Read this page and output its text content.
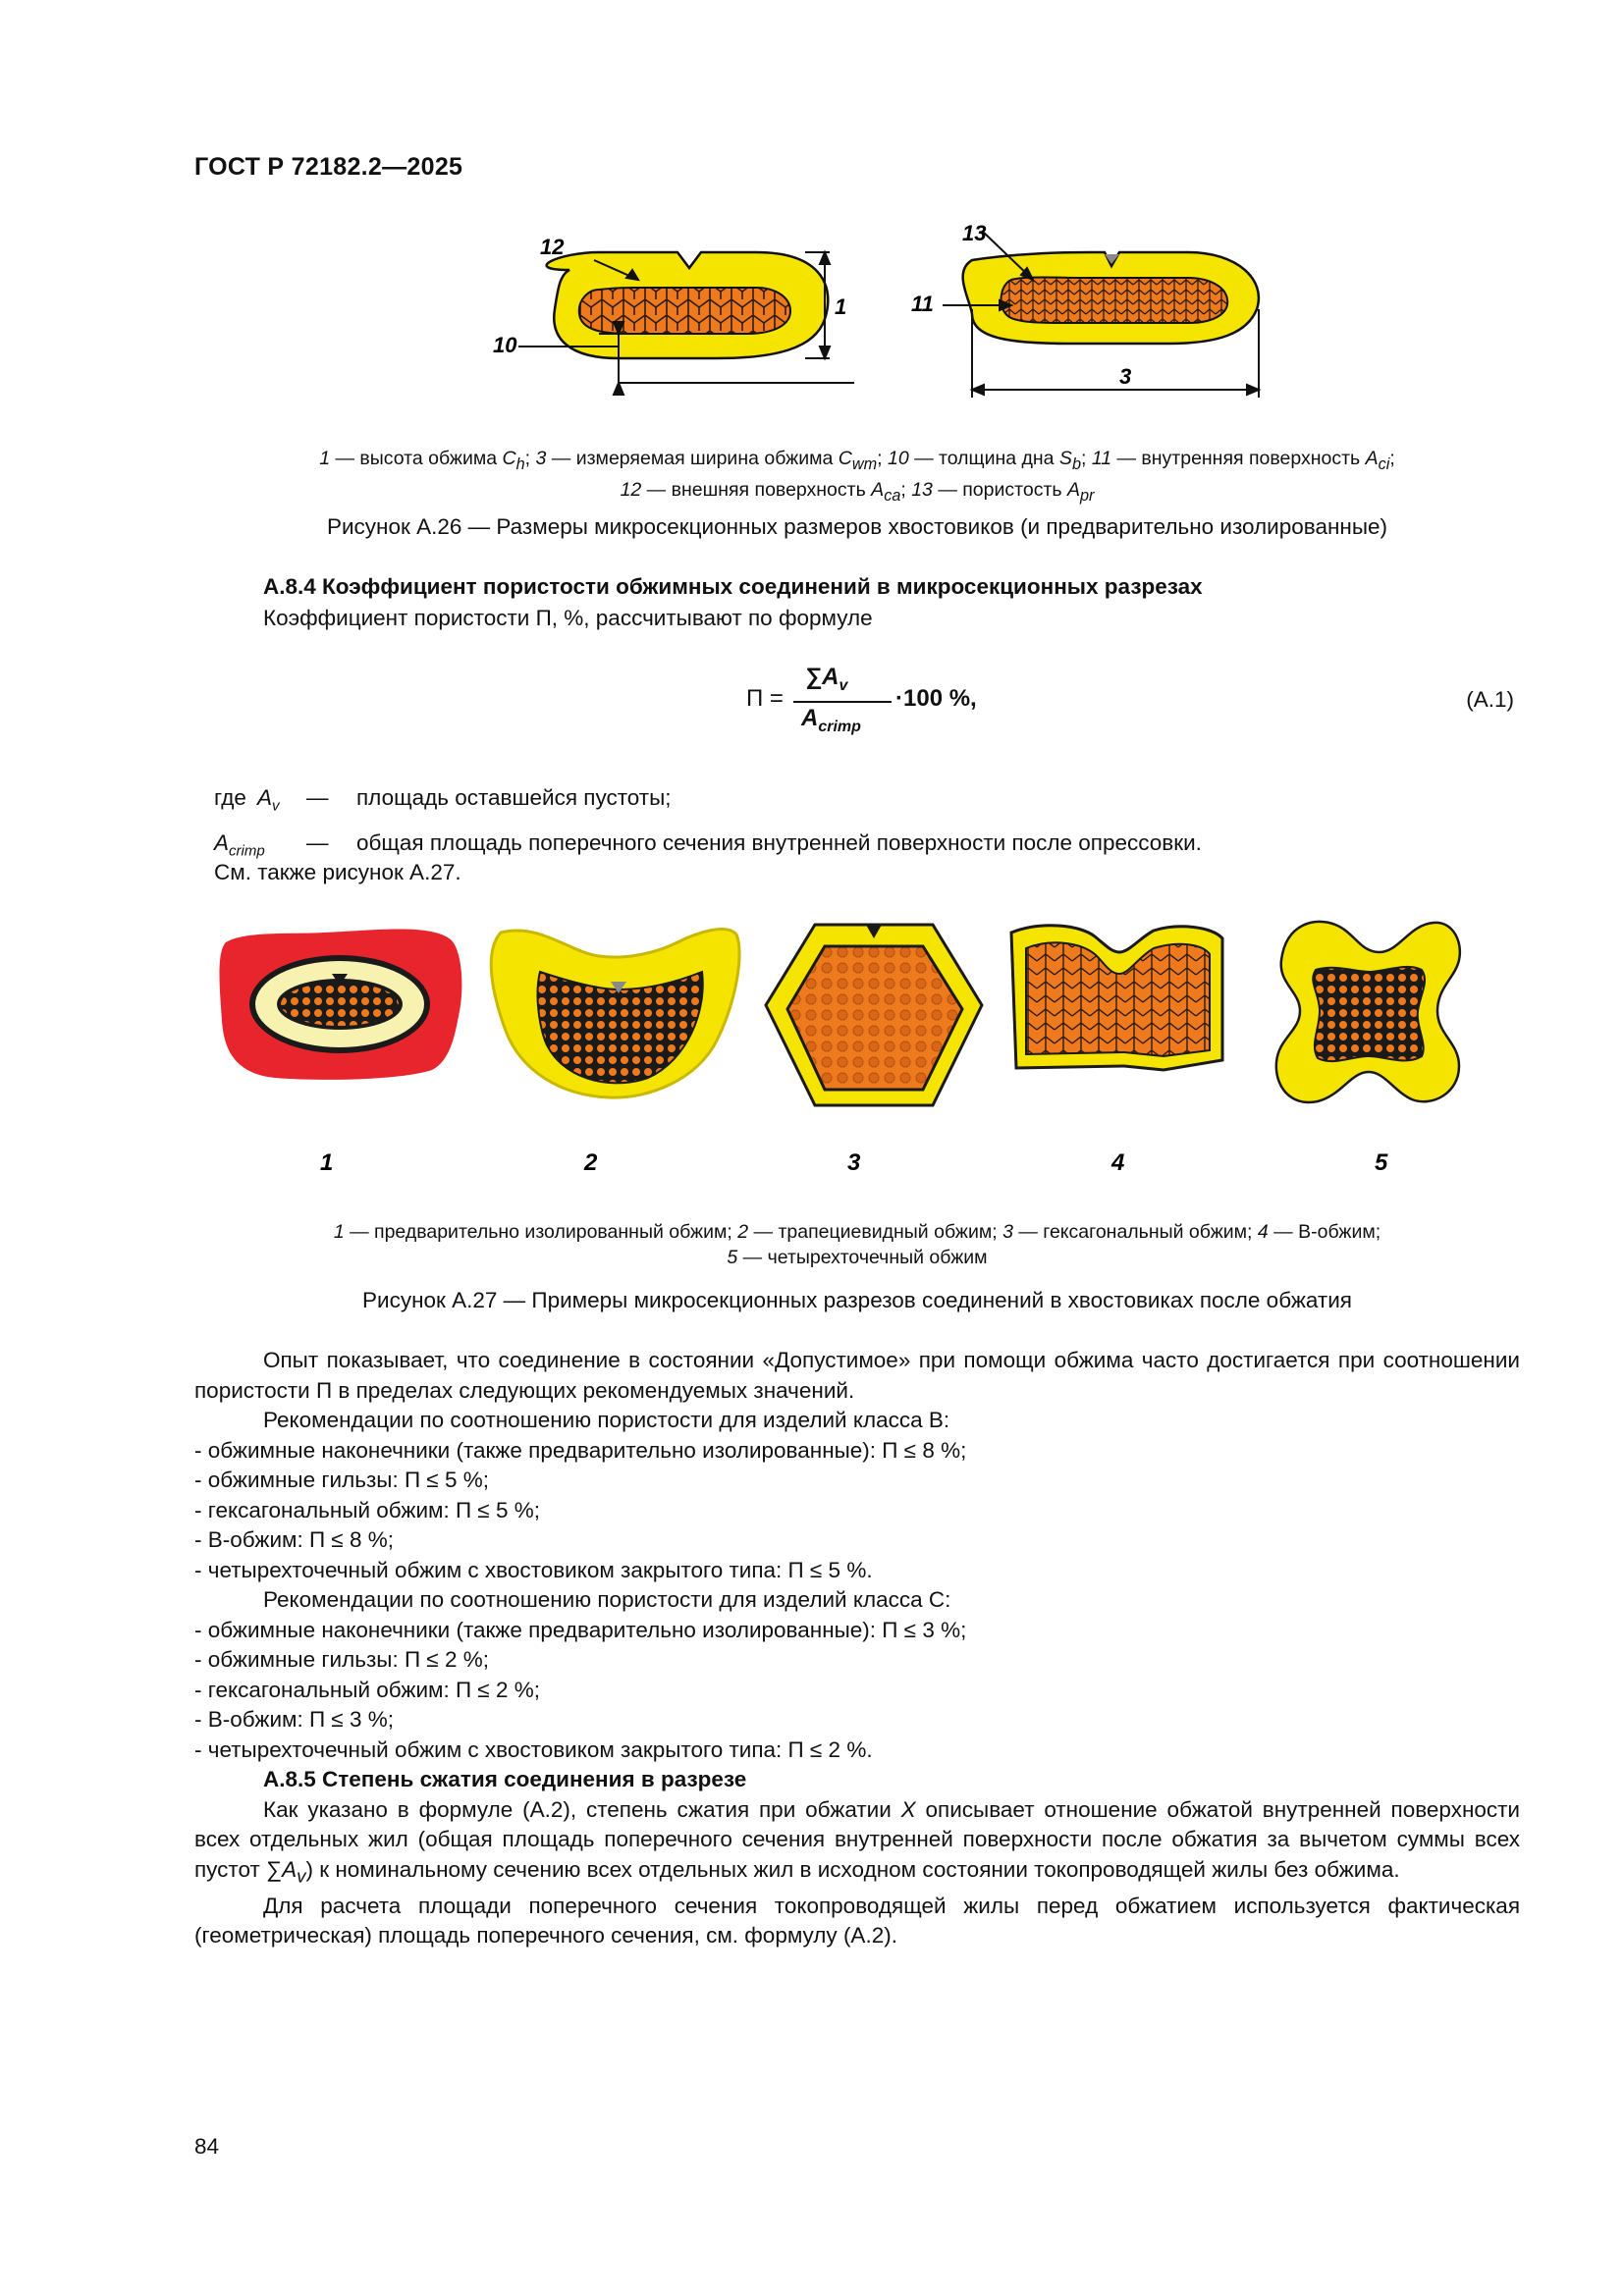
ГОСТ Р 72182.2—2025
12
1
10
13
11
3
1 — высота обжима $C_h$; 3 — измеряемая ширина обжима $C_{wm}$; 10 — толщина дна $S_b$; 11 — внутренняя поверхность $A_{ci}$;
12 — внешняя поверхность $A_{ca}$; 13 — пористость $A_{pr}$
Рисунок А.26 — Размеры микросекционных размеров хвостовиков (и предварительно изолированные)
А.8.4 Коэффициент пористости обжимных соединений в микросекционных разрезах
Коэффициент пористости П, %, рассчитывают по формуле
П =
$\sum A_v$
$A_{crimp}$
·100 %,	(А.1)
где $A_v$ — площадь оставшейся пустоты;
$A_{crimp}$ — общая площадь поперечного сечения внутренней поверхности после опрессовки.
См. также рисунок А.27.
1	2	3	4	5
1 — предварительно изолированный обжим; 2 — трапециевидный обжим; 3 — гексагональный обжим; 4 — В-обжим;
5 — четырехточечный обжим
Рисунок А.27 — Примеры микросекционных разрезов соединений в хвостовиках после обжатия

Опыт показывает, что соединение в состоянии «Допустимое» при помощи обжима часто достигается при соотношении пористости П в пределах следующих рекомендуемых значений.

Рекомендации по соотношению пористости для изделий класса В:

- обжимные наконечники (также предварительно изолированные): П ≤ 8 %;

- обжимные гильзы: П ≤ 5 %;

- гексагональный обжим: П ≤ 5 %;

- В-обжим: П ≤ 8 %;

- четырехточечный обжим с хвостовиком закрытого типа: П ≤ 5 %.

Рекомендации по соотношению пористости для изделий класса С:

- обжимные наконечники (также предварительно изолированные): П ≤ 3 %;

- обжимные гильзы: П ≤ 2 %;

- гексагональный обжим: П ≤ 2 %;

- В-обжим: П ≤ 3 %;

- четырехточечный обжим с хвостовиком закрытого типа: П ≤ 2 %.

А.8.5 Степень сжатия соединения в разрезе

Как указано в формуле (А.2), степень сжатия при обжатии X описывает отношение обжатой внутренней поверхности всех отдельных жил (общая площадь поперечного сечения внутренней поверхности после обжатия за вычетом суммы всех пустот $\sum A_v$) к номинальному сечению всех отдельных жил в исходном состоянии токопроводящей жилы без обжима.

Для расчета площади поперечного сечения токопроводящей жилы перед обжатием используется фактическая (геометрическая) площадь поперечного сечения, см. формулу (А.2).

84
